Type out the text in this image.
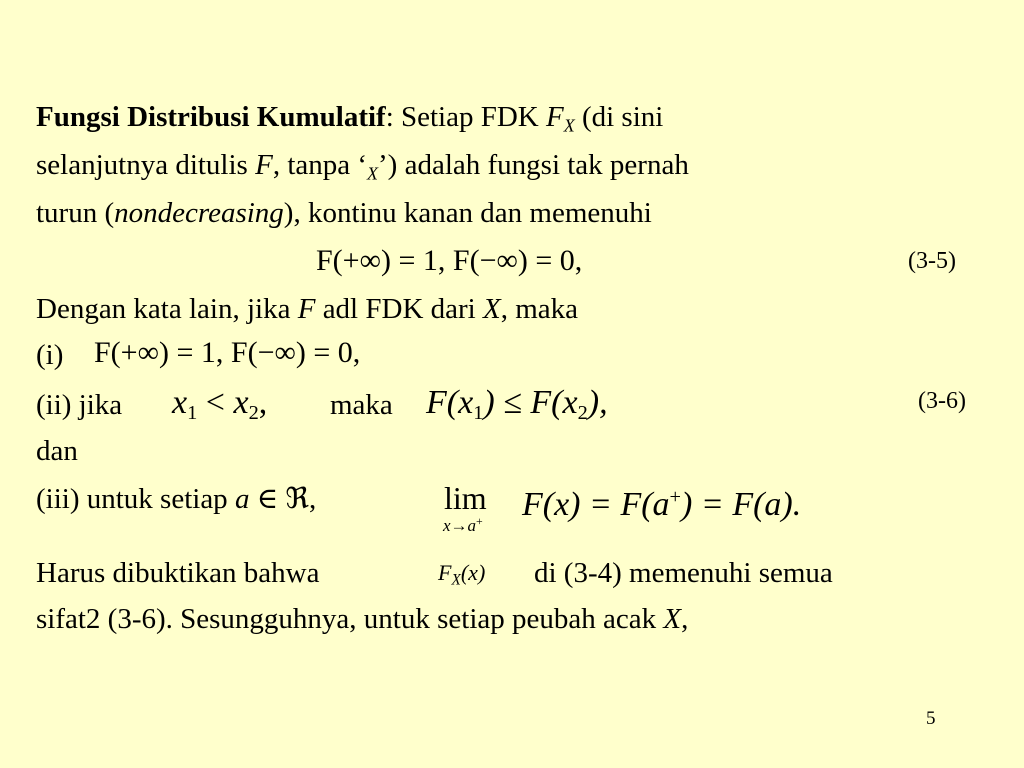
Fungsi Distribusi Kumulatif: Setiap FDK $F_X$ (di sini
selanjutnya ditulis F, tanpa ‘$_X$’) adalah fungsi tak pernah
turun (nondecreasing), kontinu kanan dan memenuhi
F(+∞) = 1, F(−∞) = 0,	(3-5)
Dengan kata lain, jika F adl FDK dari X, maka
(i) F(+∞) = 1, F(−∞) = 0,
(ii) jika x1 < x2, maka F(x1) ≤ F(x2),	(3-6)
dan
(iii) untuk setiap a ∈ ℜ,	lim
x→a+ F(x) = F(a+) = F(a).
Harus dibuktikan bahwa	$F_X(x)$ di (3-4) memenuhi semua
sifat2 (3-6). Sesungguhnya, untuk setiap peubah acak X,
5
